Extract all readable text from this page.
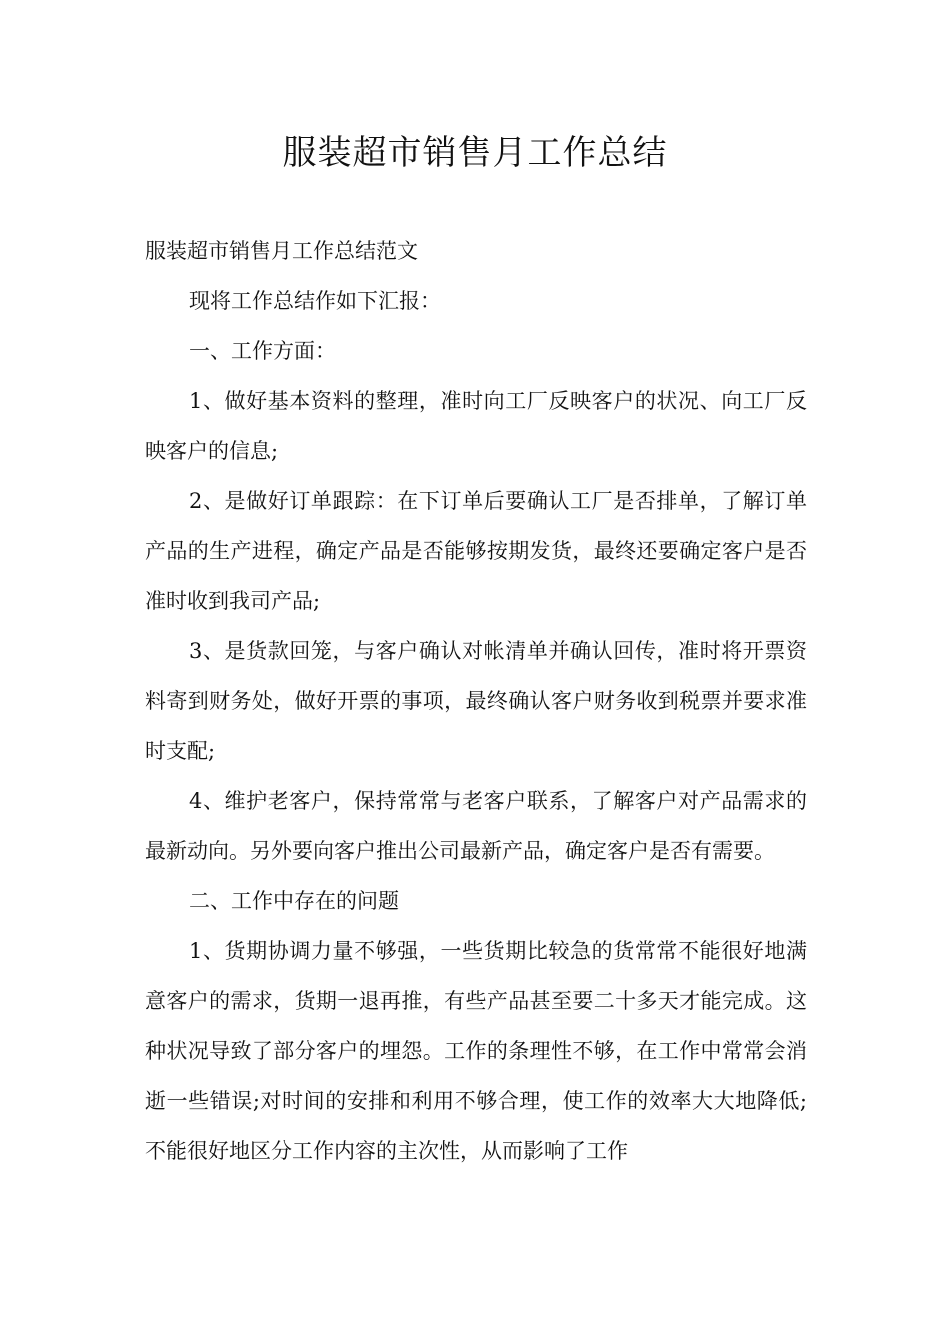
服装超市销售月工作总结

服装超市销售月工作总结范文

现将工作总结作如下汇报：

一、工作方面：

1、做好基本资料的整理，准时向工厂反映客户的状况、向工厂反映客户的信息;

2、是做好订单跟踪：在下订单后要确认工厂是否排单，了解订单产品的生产进程，确定产品是否能够按期发货，最终还要确定客户是否准时收到我司产品;

3、是货款回笼，与客户确认对帐清单并确认回传，准时将开票资料寄到财务处，做好开票的事项，最终确认客户财务收到税票并要求准时支配;

4、维护老客户，保持常常与老客户联系，了解客户对产品需求的最新动向。另外要向客户推出公司最新产品，确定客户是否有需要。

二、工作中存在的问题

1、货期协调力量不够强，一些货期比较急的货常常不能很好地满意客户的需求，货期一退再推，有些产品甚至要二十多天才能完成。这种状况导致了部分客户的埋怨。工作的条理性不够，在工作中常常会消逝一些错误;对时间的安排和利用不够合理，使工作的效率大大地降低;不能很好地区分工作内容的主次性，从而影响了工作
